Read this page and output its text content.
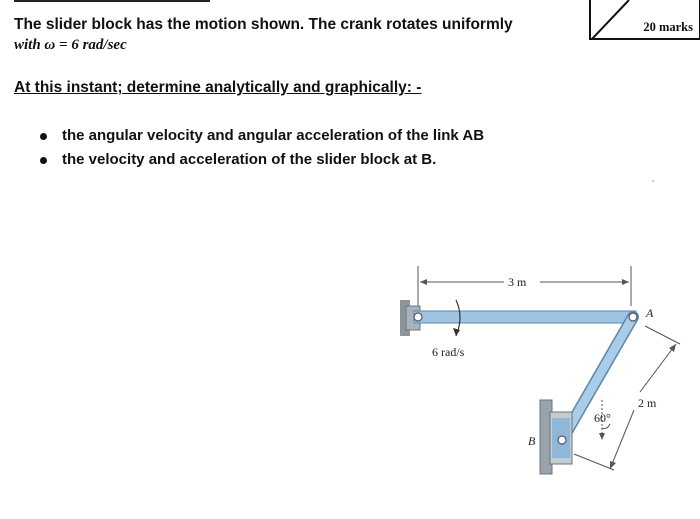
20 marks
The slider block has the motion shown. The crank rotates uniformly
with ω = 6 rad/sec
At this instant; determine analytically and graphically: -
the angular velocity and angular acceleration of the link AB
the velocity and acceleration of the slider block at B.
3 m
6 rad/s
A
B
60°
2 m
